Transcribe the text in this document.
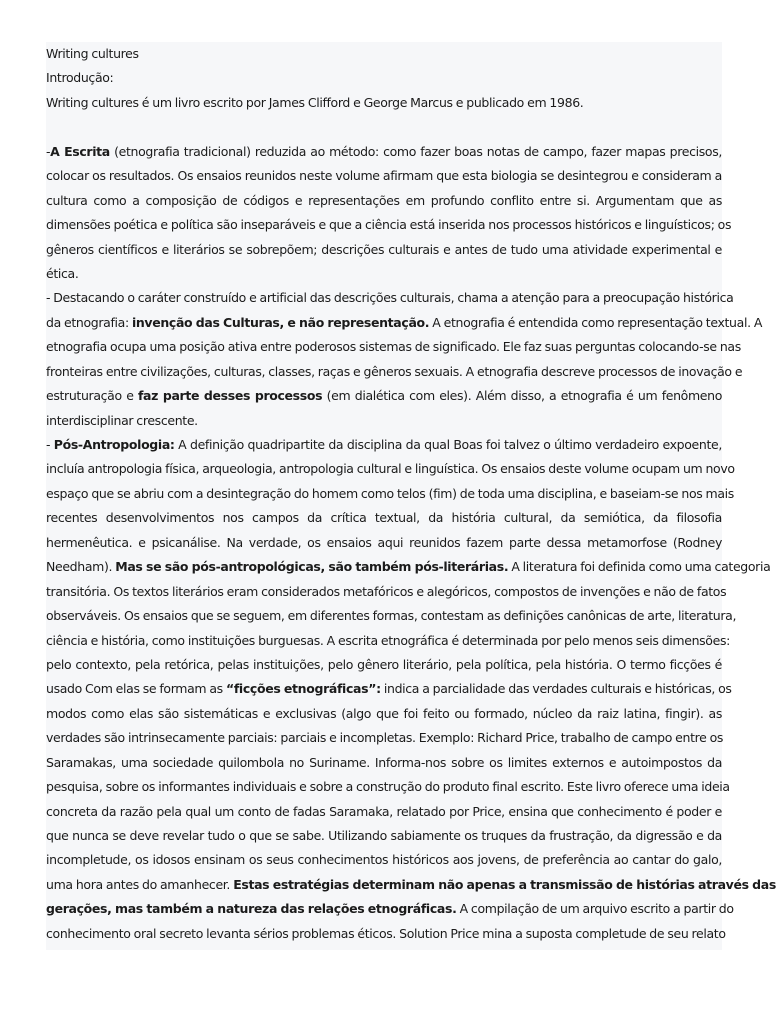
Writing cultures
Introdução:
Writing cultures é um livro escrito por James Clifford e George Marcus e publicado em 1986.
-A Escrita (etnografia tradicional) reduzida ao método: como fazer boas notas de campo, fazer mapas precisos,
colocar os resultados. Os ensaios reunidos neste volume afirmam que esta biologia se desintegrou e consideram a
cultura como a composição de códigos e representações em profundo conflito entre si. Argumentam que as
dimensões poética e política são inseparáveis e que a ciência está inserida nos processos históricos e linguísticos; os
gêneros científicos e literários se sobrepõem; descrições culturais e antes de tudo uma atividade experimental e
ética.
- Destacando o caráter construído e artificial das descrições culturais, chama a atenção para a preocupação histórica
da etnografia: invenção das Culturas, e não representação. A etnografia é entendida como representação textual. A
etnografia ocupa uma posição ativa entre poderosos sistemas de significado. Ele faz suas perguntas colocando-se nas
fronteiras entre civilizações, culturas, classes, raças e gêneros sexuais. A etnografia descreve processos de inovação e
estruturação e faz parte desses processos (em dialética com eles). Além disso, a etnografia é um fenômeno
interdisciplinar crescente.
- Pós-Antropologia: A definição quadripartite da disciplina da qual Boas foi talvez o último verdadeiro expoente,
incluía antropologia física, arqueologia, antropologia cultural e linguística. Os ensaios deste volume ocupam um novo
espaço que se abriu com a desintegração do homem como telos (fim) de toda uma disciplina, e baseiam-se nos mais
recentes desenvolvimentos nos campos da crítica textual, da história cultural, da semiótica, da filosofia
hermenêutica. e psicanálise. Na verdade, os ensaios aqui reunidos fazem parte dessa metamorfose (Rodney
Needham). Mas se são pós-antropológicas, são também pós-literárias. A literatura foi definida como uma categoria
transitória. Os textos literários eram considerados metafóricos e alegóricos, compostos de invenções e não de fatos
observáveis. Os ensaios que se seguem, em diferentes formas, contestam as definições canônicas de arte, literatura,
ciência e história, como instituições burguesas. A escrita etnográfica é determinada por pelo menos seis dimensões:
pelo contexto, pela retórica, pelas instituições, pelo gênero literário, pela política, pela história. O termo ficções é
usado Com elas se formam as “ficções etnográficas”: indica a parcialidade das verdades culturais e históricas, os
modos como elas são sistemáticas e exclusivas (algo que foi feito ou formado, núcleo da raiz latina, fingir). as
verdades são intrinsecamente parciais: parciais e incompletas. Exemplo: Richard Price, trabalho de campo entre os
Saramakas, uma sociedade quilombola no Suriname. Informa-nos sobre os limites externos e autoimpostos da
pesquisa, sobre os informantes individuais e sobre a construção do produto final escrito. Este livro oferece uma ideia
concreta da razão pela qual um conto de fadas Saramaka, relatado por Price, ensina que conhecimento é poder e
que nunca se deve revelar tudo o que se sabe. Utilizando sabiamente os truques da frustração, da digressão e da
incompletude, os idosos ensinam os seus conhecimentos históricos aos jovens, de preferência ao cantar do galo,
uma hora antes do amanhecer. Estas estratégias determinam não apenas a transmissão de histórias através das
gerações, mas também a natureza das relações etnográficas. A compilação de um arquivo escrito a partir do
conhecimento oral secreto levanta sérios problemas éticos. Solution Price mina a suposta completude de seu relato
